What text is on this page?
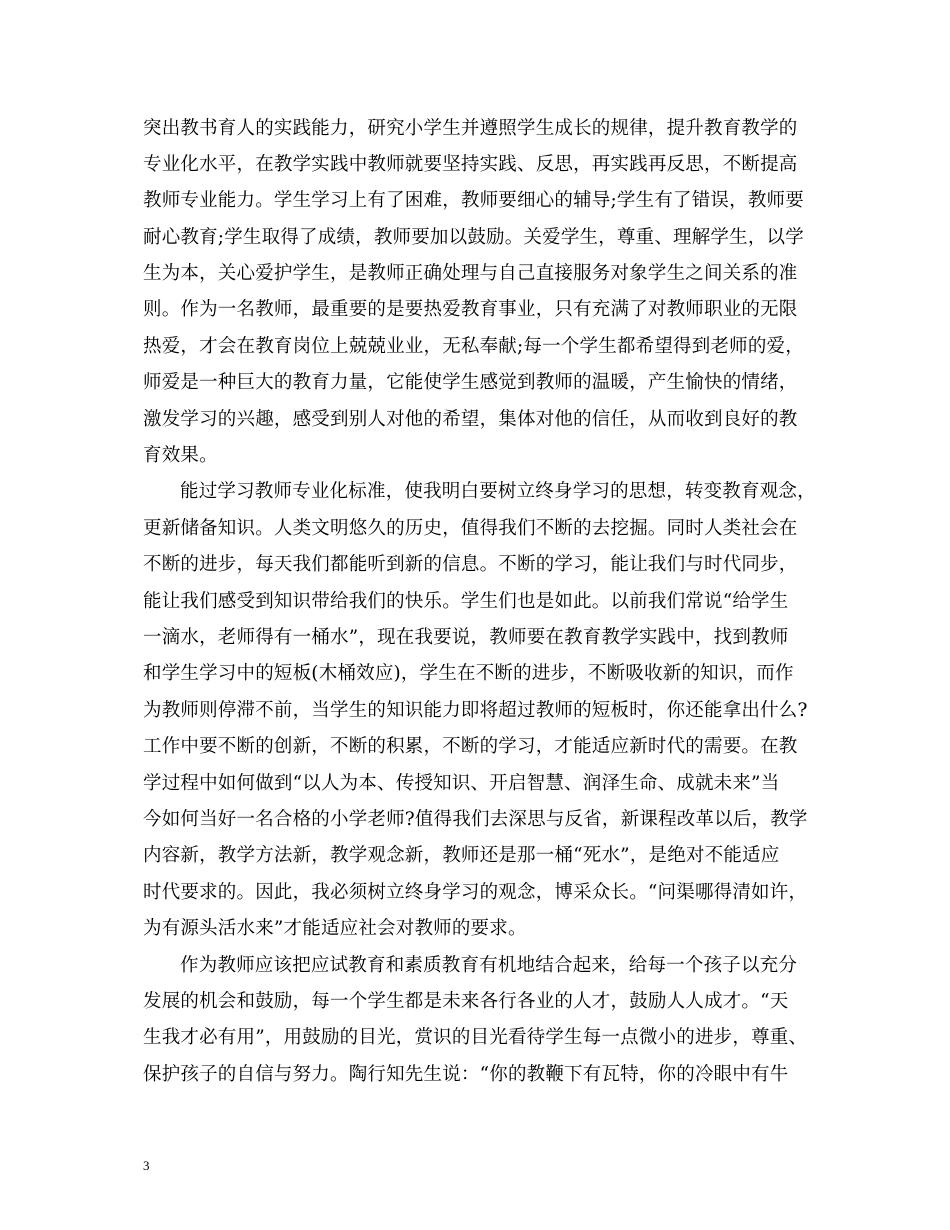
突出教书育人的实践能力，研究小学生并遵照学生成长的规律，提升教育教学的
专业化水平，在教学实践中教师就要坚持实践、反思，再实践再反思，不断提高
教师专业能力。学生学习上有了困难，教师要细心的辅导;学生有了错误，教师要
耐心教育;学生取得了成绩，教师要加以鼓励。关爱学生，尊重、理解学生，以学
生为本，关心爱护学生，是教师正确处理与自己直接服务对象学生之间关系的准
则。作为一名教师，最重要的是要热爱教育事业，只有充满了对教师职业的无限
热爱，才会在教育岗位上兢兢业业，无私奉献;每一个学生都希望得到老师的爱，
师爱是一种巨大的教育力量，它能使学生感觉到教师的温暖，产生愉快的情绪，
激发学习的兴趣，感受到别人对他的希望，集体对他的信任，从而收到良好的教
育效果。
能过学习教师专业化标准，使我明白要树立终身学习的思想，转变教育观念，
更新储备知识。人类文明悠久的历史，值得我们不断的去挖掘。同时人类社会在
不断的进步，每天我们都能听到新的信息。不断的学习，能让我们与时代同步，
能让我们感受到知识带给我们的快乐。学生们也是如此。以前我们常说“给学生
一滴水，老师得有一桶水”，现在我要说，教师要在教育教学实践中，找到教师
和学生学习中的短板(木桶效应)，学生在不断的进步，不断吸收新的知识，而作
为教师则停滞不前，当学生的知识能力即将超过教师的短板时，你还能拿出什么?
工作中要不断的创新，不断的积累，不断的学习，才能适应新时代的需要。在教
学过程中如何做到“以人为本、传授知识、开启智慧、润泽生命、成就未来”当
今如何当好一名合格的小学老师?值得我们去深思与反省，新课程改革以后，教学
内容新，教学方法新，教学观念新，教师还是那一桶“死水”，是绝对不能适应
时代要求的。因此，我必须树立终身学习的观念，博采众长。“问渠哪得清如许，
为有源头活水来”才能适应社会对教师的要求。
作为教师应该把应试教育和素质教育有机地结合起来，给每一个孩子以充分
发展的机会和鼓励，每一个学生都是未来各行各业的人才，鼓励人人成才。“天
生我才必有用”，用鼓励的目光，赏识的目光看待学生每一点微小的进步，尊重、
保护孩子的自信与努力。陶行知先生说：“你的教鞭下有瓦特，你的冷眼中有牛
3
